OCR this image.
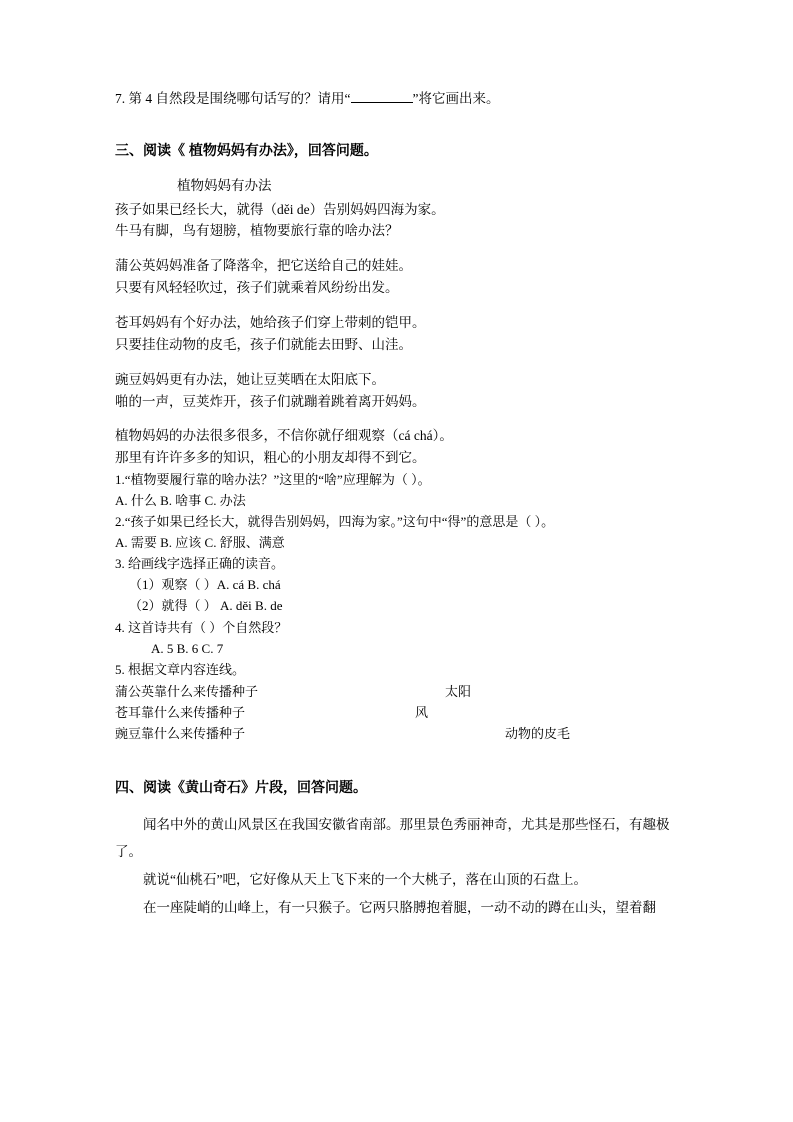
7. 第 4 自然段是围绕哪句话写的？请用“	”将它画出来。
三、阅读《 植物妈妈有办法》，回答问题。
植物妈妈有办法
孩子如果已经长大，就得（děi de）告别妈妈四海为家。
牛马有脚，鸟有翅膀，植物要旅行靠的啥办法？
蒲公英妈妈准备了降落伞，把它送给自己的娃娃。
只要有风轻轻吹过，孩子们就乘着风纷纷出发。
苍耳妈妈有个好办法，她给孩子们穿上带刺的铠甲。
只要挂住动物的皮毛，孩子们就能去田野、山洼。
豌豆妈妈更有办法，她让豆荚晒在太阳底下。
啪的一声，豆荚炸开，孩子们就蹦着跳着离开妈妈。
植物妈妈的办法很多很多，不信你就仔细观察（cá chá）。
那里有许许多多的知识，粗心的小朋友却得不到它。
1.“植物要履行靠的啥办法？”这里的“啥”应理解为（ ）。
A. 什么 B. 啥事 C. 办法
2.“孩子如果已经长大，就得告别妈妈，四海为家。”这句中“得”的意思是（ ）。
A. 需要 B. 应该 C. 舒服、满意
3. 给画线字选择正确的读音。
（1）观察（ ）A. cá B. chá
（2）就得（ ） A. děi B. de
4. 这首诗共有（ ）个自然段？
A. 5 B. 6 C. 7
5. 根据文章内容连线。
蒲公英靠什么来传播种子	太阳
苍耳靠什么来传播种子	风
豌豆靠什么来传播种子	动物的皮毛
四、阅读《黄山奇石》片段，回答问题。

闻名中外的黄山风景区在我国安徽省南部。那里景色秀丽神奇，尤其是那些怪石，有趣极了。

就说“仙桃石”吧，它好像从天上飞下来的一个大桃子，落在山顶的石盘上。

在一座陡峭的山峰上，有一只猴子。它两只胳膊抱着腿，一动不动的蹲在山头，望着翻
